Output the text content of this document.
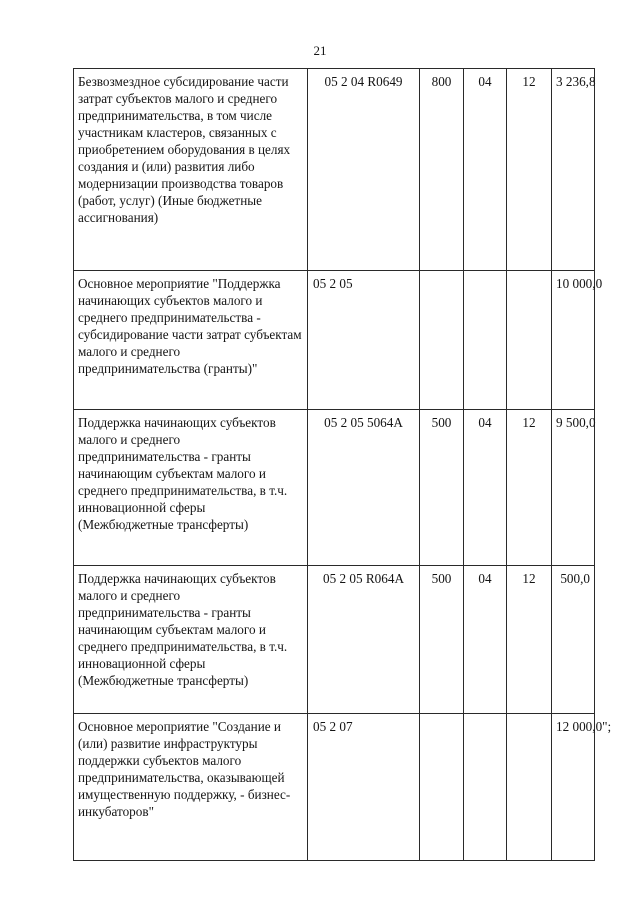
21
Безвозмездное субсидирование части затрат субъектов малого и среднего предпринимательства, в том числе участникам кластеров, связанных с приобретением оборудования в целях создания и (или) развития либо модернизации производства товаров (работ, услуг) (Иные бюджетные ассигнования)	05 2 04 R0649	800	04	12	3 236,8
Основное мероприятие "Поддержка начинающих субъектов малого и среднего предпринимательства - субсидирование части затрат субъектам малого и среднего предпринимательства (гранты)"	05 2 05				10 000,0
Поддержка начинающих субъектов малого и среднего предпринимательства - гранты начинающим субъектам малого и среднего предпринимательства, в т.ч. инновационной сферы (Межбюджетные трансферты)	05 2 05 5064А	500	04	12	9 500,0
Поддержка начинающих субъектов малого и среднего предпринимательства - гранты начинающим субъектам малого и среднего предпринимательства, в т.ч. инновационной сферы (Межбюджетные трансферты)	05 2 05 R064А	500	04	12	500,0
Основное мероприятие "Создание и (или) развитие инфраструктуры поддержки субъектов малого предпринимательства, оказывающей имущественную поддержку, - бизнес-инкубаторов"	05 2 07				12 000,0";
